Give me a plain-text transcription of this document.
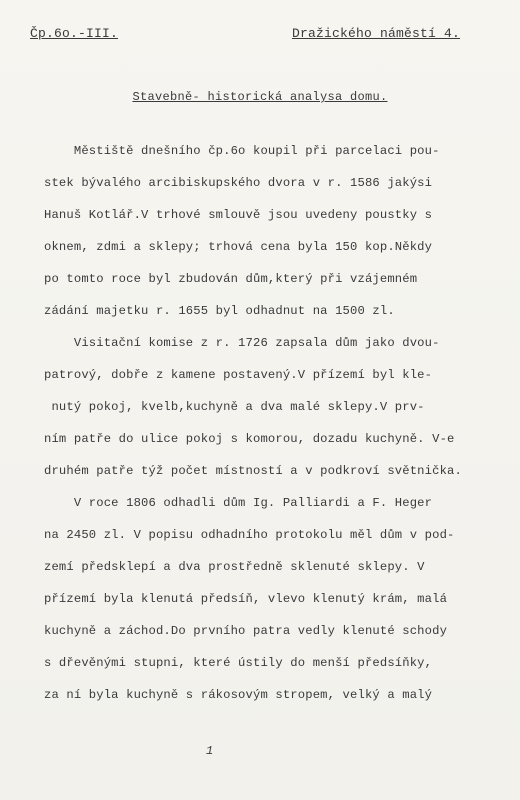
Čp.6o.-III.	Dražického náměstí 4.
Stavebně- historická analysa domu.
Městiště dnešního čp.6o koupil při parcelaci pou-
stek bývalého arcibiskupského dvora v r. 1586 jakýsi
Hanuš Kotlář.V trhové smlouvě jsou uvedeny poustky s
oknem, zdmi a sklepy; trhová cena byla 150 kop.Někdy
po tomto roce byl zbudován dům,který při vzájemném
zádání majetku r. 1655 byl odhadnut na 1500 zl.
Visitační komise z r. 1726 zapsala dům jako dvou-
patrový, dobře z kamene postavený.V přízemí byl kle-
nutý pokoj, kvelb,kuchyně a dva malé sklepy.V prv-
ním patře do ulice pokoj s komorou, dozadu kuchyně. V-e
druhém patře týž počet místností a v podkroví světnička.
V roce 1806 odhadli dům Ig. Palliardi a F. Heger
na 2450 zl. V popisu odhadního protokolu měl dům v pod-
zemí předsklepí a dva prostředně sklenuté sklepy. V
přízemí byla klenutá předsíň, vlevo klenutý krám, malá
kuchyně a záchod.Do prvního patra vedly klenuté schody
s dřevěnými stupni, které ústily do menší předsíňky,
za ní byla kuchyně s rákosovým stropem, velký a malý
1
